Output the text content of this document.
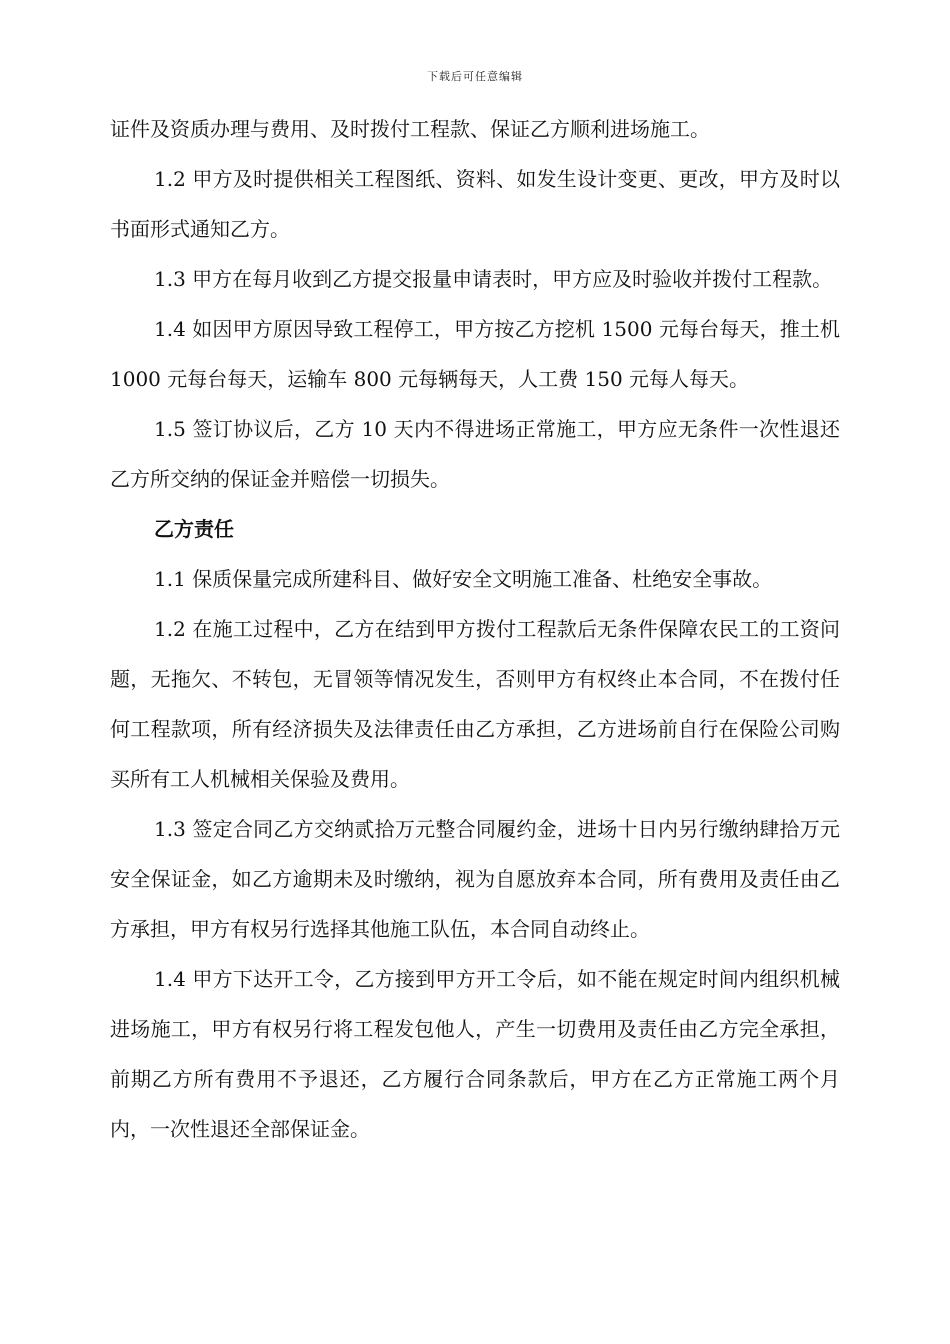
下载后可任意编辑

证件及资质办理与费用、及时拨付工程款、保证乙方顺利进场施工。

1.2 甲方及时提供相关工程图纸、资料、如发生设计变更、更改，甲方及时以书面形式通知乙方。

1.3 甲方在每月收到乙方提交报量申请表时，甲方应及时验收并拨付工程款。

1.4 如因甲方原因导致工程停工，甲方按乙方挖机 1500 元每台每天，推土机 1000 元每台每天，运输车 800 元每辆每天，人工费 150 元每人每天。

1.5 签订协议后，乙方 10 天内不得进场正常施工，甲方应无条件一次性退还乙方所交纳的保证金并赔偿一切损失。

乙方责任

1.1 保质保量完成所建科目、做好安全文明施工准备、杜绝安全事故。

1.2 在施工过程中，乙方在结到甲方拨付工程款后无条件保障农民工的工资问题，无拖欠、不转包，无冒领等情况发生，否则甲方有权终止本合同，不在拨付任何工程款项，所有经济损失及法律责任由乙方承担，乙方进场前自行在保险公司购买所有工人机械相关保验及费用。

1.3 签定合同乙方交纳贰拾万元整合同履约金，进场十日内另行缴纳肆拾万元安全保证金，如乙方逾期未及时缴纳，视为自愿放弃本合同，所有费用及责任由乙方承担，甲方有权另行选择其他施工队伍，本合同自动终止。

1.4 甲方下达开工令，乙方接到甲方开工令后，如不能在规定时间内组织机械进场施工，甲方有权另行将工程发包他人，产生一切费用及责任由乙方完全承担，前期乙方所有费用不予退还，乙方履行合同条款后，甲方在乙方正常施工两个月内，一次性退还全部保证金。
